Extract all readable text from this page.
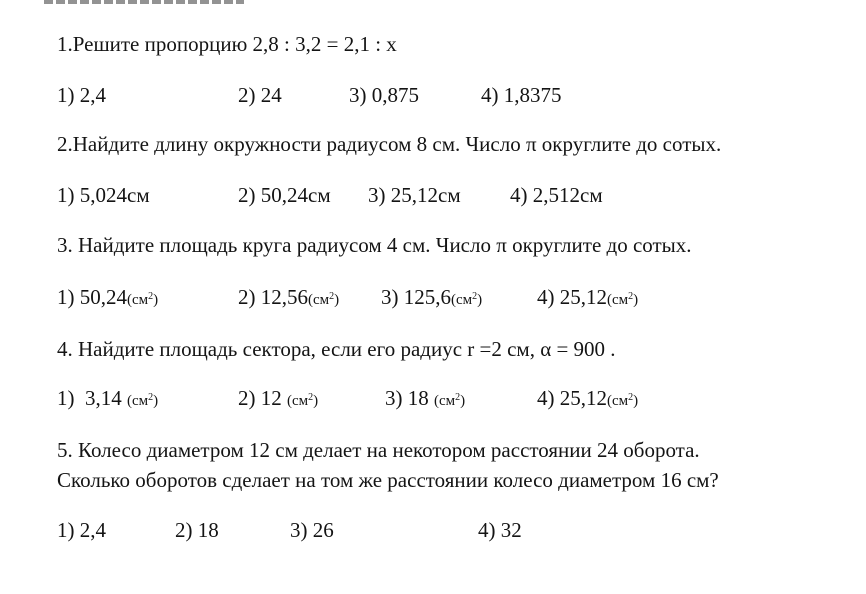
1.Решите пропорцию 2,8 : 3,2 = 2,1 : х
1) 2,4	2) 24	3) 0,875	4) 1,8375
2.Найдите длину окружности радиусом 8 см. Число π округлите до сотых.
1) 5,024см	2) 50,24см 3) 25,12см 4) 2,512см
3. Найдите площадь круга радиусом 4 см. Число π округлите до сотых.
1) $50,24(см^2)$	2) $12,56(см^2)$ 3) $125,6(см^2)$	4) $25,12(см^2)$
4. Найдите площадь сектора, если его радиус r =2 см, α = 900 .
1)  3,14 $(см^2)$	2) 12 $(см^2)$	3) 18 $(см^2)$	4) $25,12(см^2)$
5. Колесо диаметром 12 см делает на некотором расстоянии 24 оборота.
Сколько оборотов сделает на том же расстоянии колесо диаметром 16 см?
1) 2,4	2) 18	3) 26	4) 32
